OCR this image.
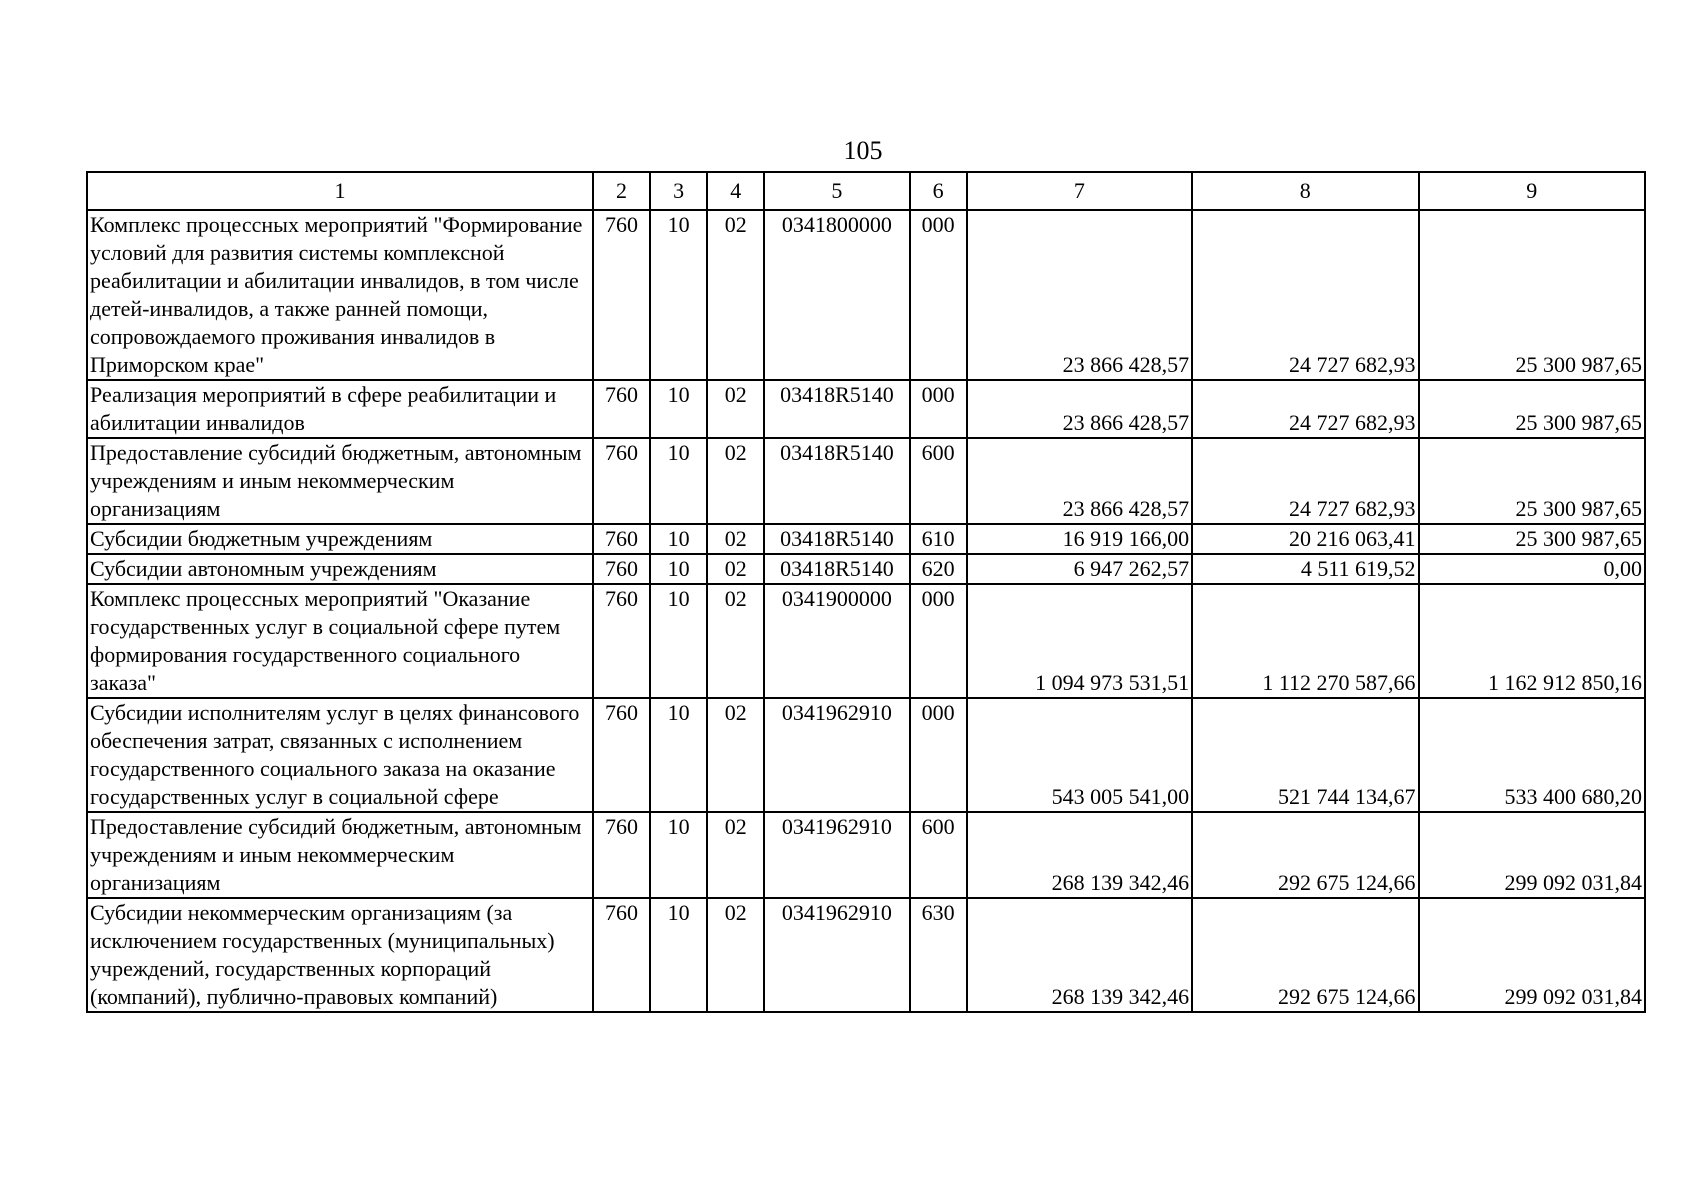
105
1	2	3	4	5	6	7	8	9
Комплекс процессных мероприятий "Формирование условий для развития системы комплексной реабилитации и абилитации инвалидов, в том числе детей-инвалидов, а также ранней помощи, сопровождаемого проживания инвалидов в Приморском крае"	760	10	02	0341800000	000	23 866 428,57	24 727 682,93	25 300 987,65
Реализация мероприятий в сфере реабилитации и абилитации инвалидов	760	10	02	03418R5140	000	23 866 428,57	24 727 682,93	25 300 987,65
Предоставление субсидий бюджетным, автономным учреждениям и иным некоммерческим организациям	760	10	02	03418R5140	600	23 866 428,57	24 727 682,93	25 300 987,65
Субсидии бюджетным учреждениям	760	10	02	03418R5140	610	16 919 166,00	20 216 063,41	25 300 987,65
Субсидии автономным учреждениям	760	10	02	03418R5140	620	6 947 262,57	4 511 619,52	0,00
Комплекс процессных мероприятий "Оказание государственных услуг в социальной сфере путем формирования государственного социального заказа"	760	10	02	0341900000	000	1 094 973 531,51	1 112 270 587,66	1 162 912 850,16
Субсидии исполнителям услуг в целях финансового обеспечения затрат, связанных с исполнением государственного социального заказа на оказание государственных услуг в социальной сфере	760	10	02	0341962910	000	543 005 541,00	521 744 134,67	533 400 680,20
Предоставление субсидий бюджетным, автономным учреждениям и иным некоммерческим организациям	760	10	02	0341962910	600	268 139 342,46	292 675 124,66	299 092 031,84
Субсидии некоммерческим организациям (за исключением государственных (муниципальных) учреждений, государственных корпораций (компаний), публично-правовых компаний)	760	10	02	0341962910	630	268 139 342,46	292 675 124,66	299 092 031,84
